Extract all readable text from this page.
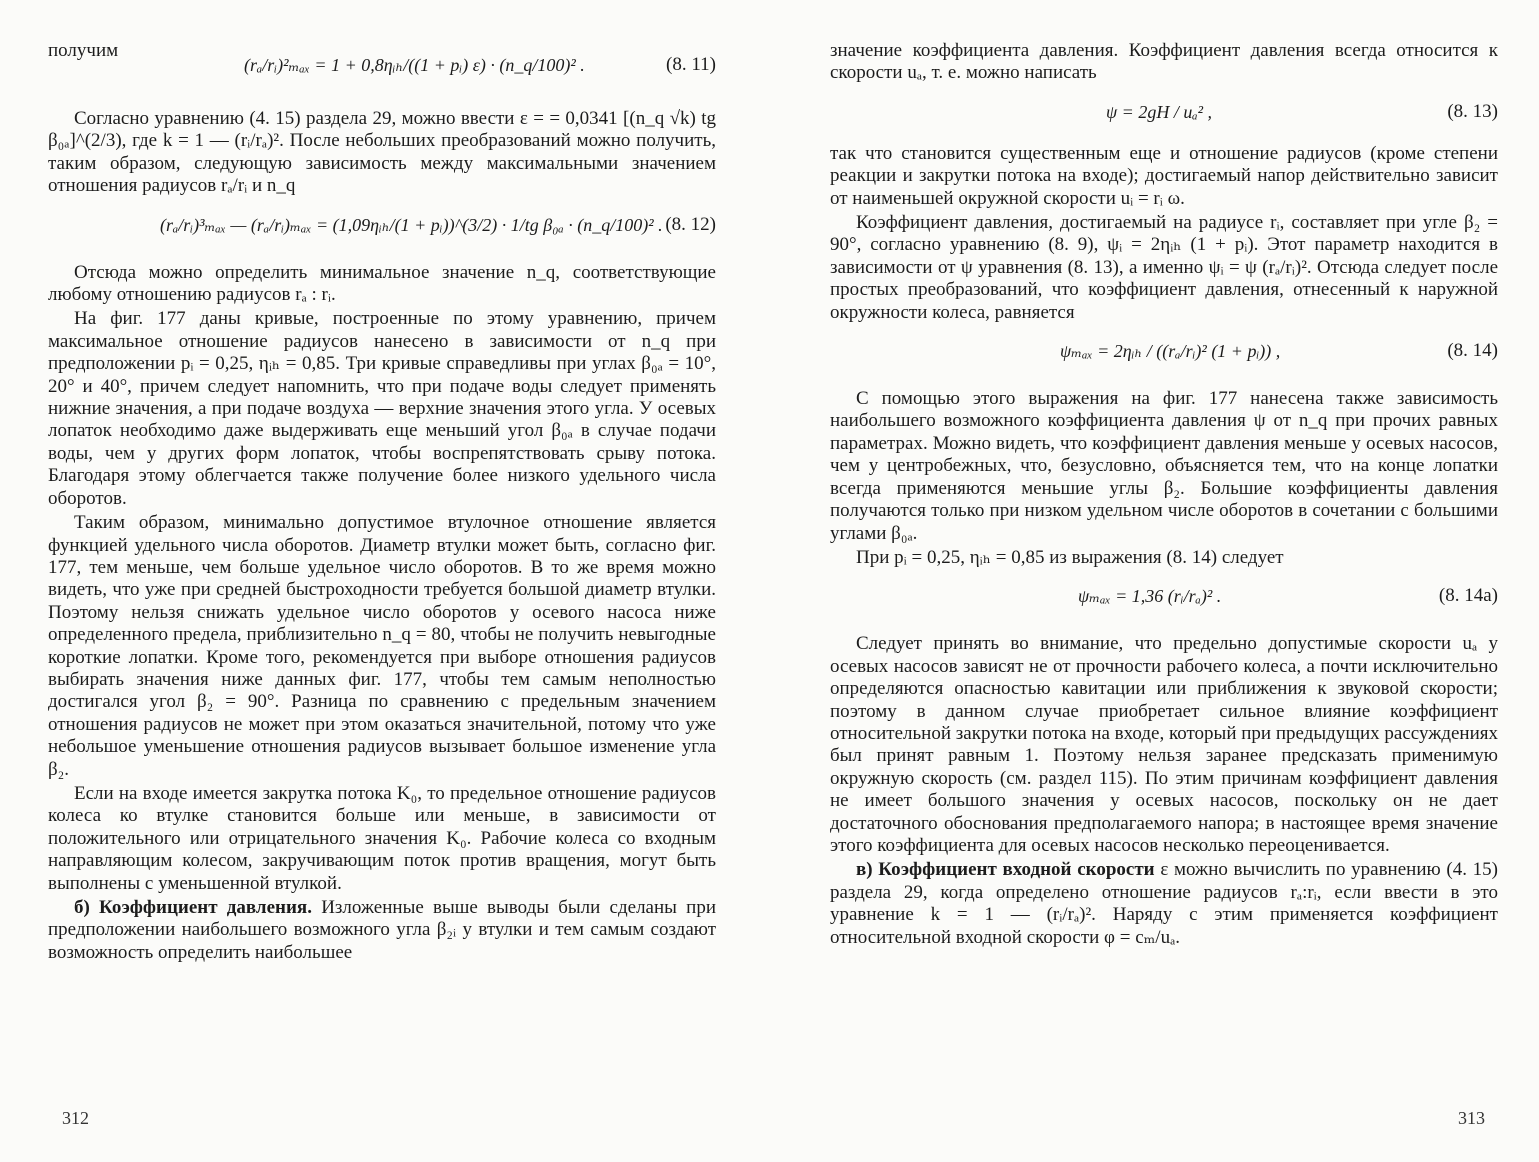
получим
(rₐ/rᵢ)²ₘₐₓ = 1 + 0,8ηᵢₕ/((1 + pᵢ) ε) · (n_q/100)² .	(8. 11)

Согласно уравнению (4. 15) раздела 29, можно ввести ε = = 0,0341 [(n_q √k) tg β₀ₐ]^(2/3), где k = 1 — (rᵢ/rₐ)². После небольших преобразований можно получить, таким образом, следующую зависимость между максимальными значением отношения радиусов rₐ/rᵢ и n_q

(rₐ/rᵢ)³ₘₐₓ — (rₐ/rᵢ)ₘₐₓ = (1,09ηᵢₕ/(1 + pᵢ))^(3/2) · 1/tg β₀ₐ · (n_q/100)² . (8. 12)

Отсюда можно определить минимальное значение n_q, соответствующие любому отношению радиусов rₐ : rᵢ.

На фиг. 177 даны кривые, построенные по этому уравнению, причем максимальное отношение радиусов нанесено в зависимости от n_q при предположении pᵢ = 0,25, ηᵢₕ = 0,85. Три кривые справедливы при углах β₀ₐ = 10°, 20° и 40°, причем следует напомнить, что при подаче воды следует применять нижние значения, а при подаче воздуха — верхние значения этого угла. У осевых лопаток необходимо даже выдерживать еще меньший угол β₀ₐ в случае подачи воды, чем у других форм лопаток, чтобы воспрепятствовать срыву потока. Благодаря этому облегчается также получение более низкого удельного числа оборотов.

Таким образом, минимально допустимое втулочное отношение является функцией удельного числа оборотов. Диаметр втулки может быть, согласно фиг. 177, тем меньше, чем больше удельное число оборотов. В то же время можно видеть, что уже при средней быстроходности требуется большой диаметр втулки. Поэтому нельзя снижать удельное число оборотов у осевого насоса ниже определенного предела, приблизительно n_q = 80, чтобы не получить невыгодные короткие лопатки. Кроме того, рекомендуется при выборе отношения радиусов выбирать значения ниже данных фиг. 177, чтобы тем самым неполностью достигался угол β₂ = 90°. Разница по сравнению с предельным значением отношения радиусов не может при этом оказаться значительной, потому что уже небольшое уменьшение отношения радиусов вызывает большое изменение угла β₂.

Если на входе имеется закрутка потока K₀, то предельное отношение радиусов колеса ко втулке становится больше или меньше, в зависимости от положительного или отрицательного значения K₀. Рабочие колеса со входным направляющим колесом, закручивающим поток против вращения, могут быть выполнены с уменьшенной втулкой.

б) Коэффициент давления. Изложенные выше выводы были сделаны при предположении наибольшего возможного угла β₂ᵢ у втулки и тем самым создают возможность определить наибольшее

312

значение коэффициента давления. Коэффициент давления всегда относится к скорости uₐ, т. е. можно написать

ψ = 2gH / uₐ² ,	(8. 13)

так что становится существенным еще и отношение радиусов (кроме степени реакции и закрутки потока на входе); достигаемый напор действительно зависит от наименьшей окружной скорости uᵢ = rᵢ ω.

Коэффициент давления, достигаемый на радиусе rᵢ, составляет при угле β₂ = 90°, согласно уравнению (8. 9), ψᵢ = 2ηᵢₕ (1 + pᵢ). Этот параметр находится в зависимости от ψ уравнения (8. 13), а именно ψᵢ = ψ (rₐ/rᵢ)². Отсюда следует после простых преобразований, что коэффициент давления, отнесенный к наружной окружности колеса, равняется

ψₘₐₓ = 2ηᵢₕ / ((rₐ/rᵢ)² (1 + pᵢ)) ,	(8. 14)

С помощью этого выражения на фиг. 177 нанесена также зависимость наибольшего возможного коэффициента давления ψ от n_q при прочих равных параметрах. Можно видеть, что коэффициент давления меньше у осевых насосов, чем у центробежных, что, безусловно, объясняется тем, что на конце лопатки всегда применяются меньшие углы β₂. Большие коэффициенты давления получаются только при низком удельном числе оборотов в сочетании с большими углами β₀ₐ.

При pᵢ = 0,25, ηᵢₕ = 0,85 из выражения (8. 14) следует

ψₘₐₓ = 1,36 (rᵢ/rₐ)² .	(8. 14а)

Следует принять во внимание, что предельно допустимые скорости uₐ у осевых насосов зависят не от прочности рабочего колеса, а почти исключительно определяются опасностью кавитации или приближения к звуковой скорости; поэтому в данном случае приобретает сильное влияние коэффициент относительной закрутки потока на входе, который при предыдущих рассуждениях был принят равным 1. Поэтому нельзя заранее предсказать применимую окружную скорость (см. раздел 115). По этим причинам коэффициент давления не имеет большого значения у осевых насосов, поскольку он не дает достаточного обоснования предполагаемого напора; в настоящее время значение этого коэффициента для осевых насосов несколько переоценивается.

в) Коэффициент входной скорости ε можно вычислить по уравнению (4. 15) раздела 29, когда определено отношение радиусов rₐ:rᵢ, если ввести в это уравнение k = 1 — (rᵢ/rₐ)². Наряду с этим применяется коэффициент относительной входной скорости φ = cₘ/uₐ.

313
